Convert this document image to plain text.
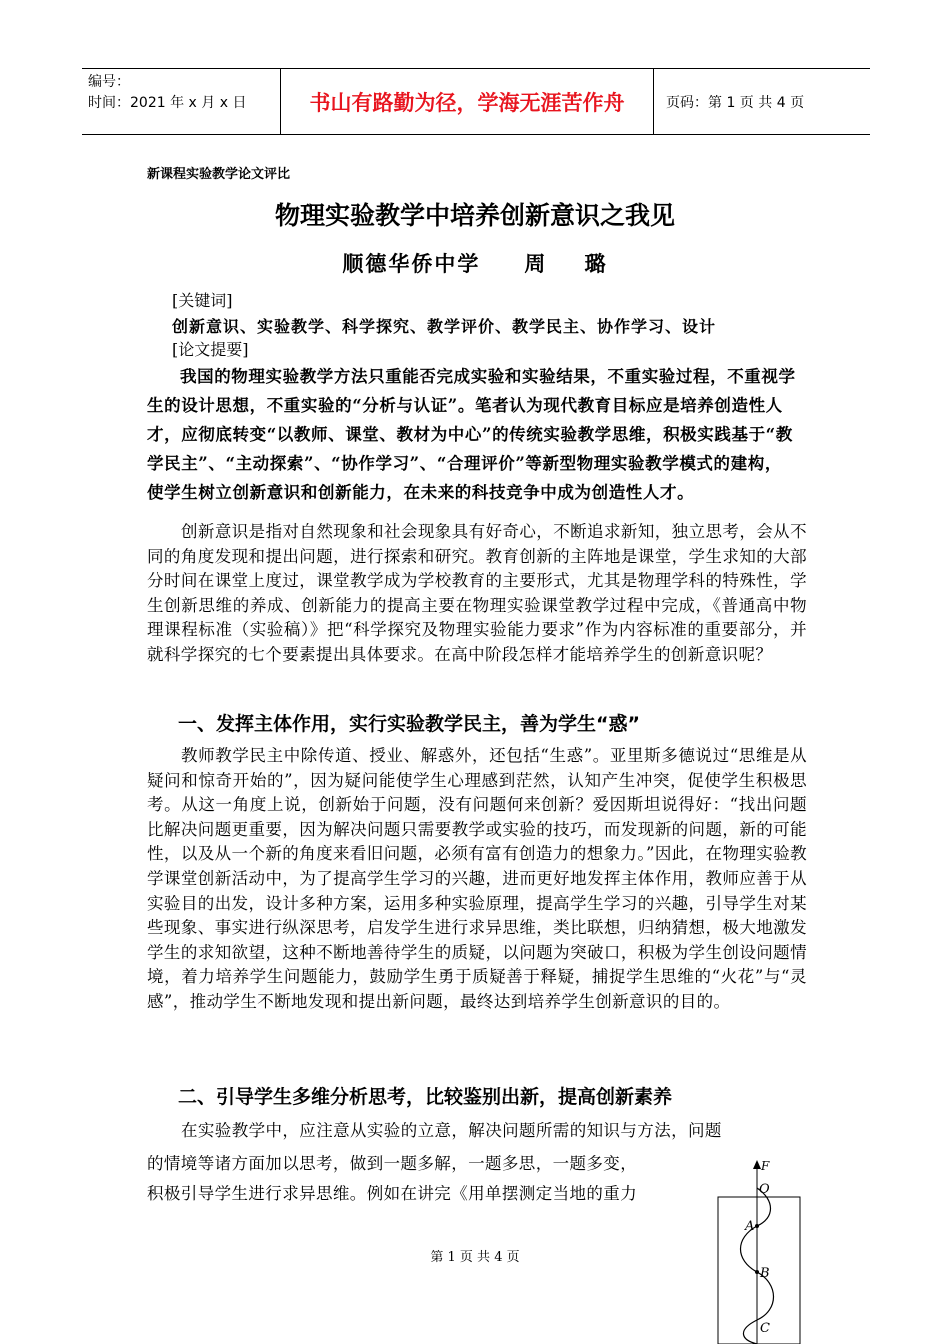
编号：
时间：2021 年 x 月 x 日	书山有路勤为径，学海无涯苦作舟	页码：第 1 页 共 4 页
新课程实验教学论文评比
物理实验教学中培养创新意识之我见
顺德华侨中学 周 璐
[关键词]
创新意识、实验教学、科学探究、教学评价、教学民主、协作学习、设计
[论文提要]
我国的物理实验教学方法只重能否完成实验和实验结果，不重实验过程，不重视学生的设计思想，不重实验的“分析与认证”。笔者认为现代教育目标应是培养创造性人才，应彻底转变“以教师、课堂、教材为中心”的传统实验教学思维，积极实践基于“教学民主”、“主动探索”、“协作学习”、“合理评价”等新型物理实验教学模式的建构，使学生树立创新意识和创新能力，在未来的科技竞争中成为创造性人才。
创新意识是指对自然现象和社会现象具有好奇心，不断追求新知，独立思考，会从不同的角度发现和提出问题，进行探索和研究。教育创新的主阵地是课堂，学生求知的大部分时间在课堂上度过，课堂教学成为学校教育的主要形式，尤其是物理学科的特殊性，学生创新思维的养成、创新能力的提高主要在物理实验课堂教学过程中完成，《普通高中物理课程标准（实验稿）》把“科学探究及物理实验能力要求”作为内容标准的重要部分，并就科学探究的七个要素提出具体要求。在高中阶段怎样才能培养学生的创新意识呢？
一、发挥主体作用，实行实验教学民主，善为学生“惑”
教师教学民主中除传道、授业、解惑外，还包括“生惑”。亚里斯多德说过“思维是从疑问和惊奇开始的”，因为疑问能使学生心理感到茫然，认知产生冲突，促使学生积极思考。从这一角度上说，创新始于问题，没有问题何来创新？爱因斯坦说得好：“找出问题比解决问题更重要，因为解决问题只需要教学或实验的技巧，而发现新的问题，新的可能性，以及从一个新的角度来看旧问题，必须有富有创造力的想象力。”因此，在物理实验教学课堂创新活动中，为了提高学生学习的兴趣，进而更好地发挥主体作用，教师应善于从实验目的出发，设计多种方案，运用多种实验原理，提高学生学习的兴趣，引导学生对某些现象、事实进行纵深思考，启发学生进行求异思维，类比联想，归纳猜想，极大地激发学生的求知欲望，这种不断地善待学生的质疑，以问题为突破口，积极为学生创设问题情境，着力培养学生问题能力，鼓励学生勇于质疑善于释疑，捕捉学生思维的“火花”与“灵感”，推动学生不断地发现和提出新问题，最终达到培养学生创新意识的目的。
二、引导学生多维分析思考，比较鉴别出新，提高创新素养
在实验教学中，应注意从实验的立意，解决问题所需的知识与方法，问题
的情境等诸方面加以思考，做到一题多解，一题多思，一题多变，
积极引导学生进行求异思维。例如在讲完《用单摆测定当地的重力
第 1 页 共 4 页
F
O
A
B
C
